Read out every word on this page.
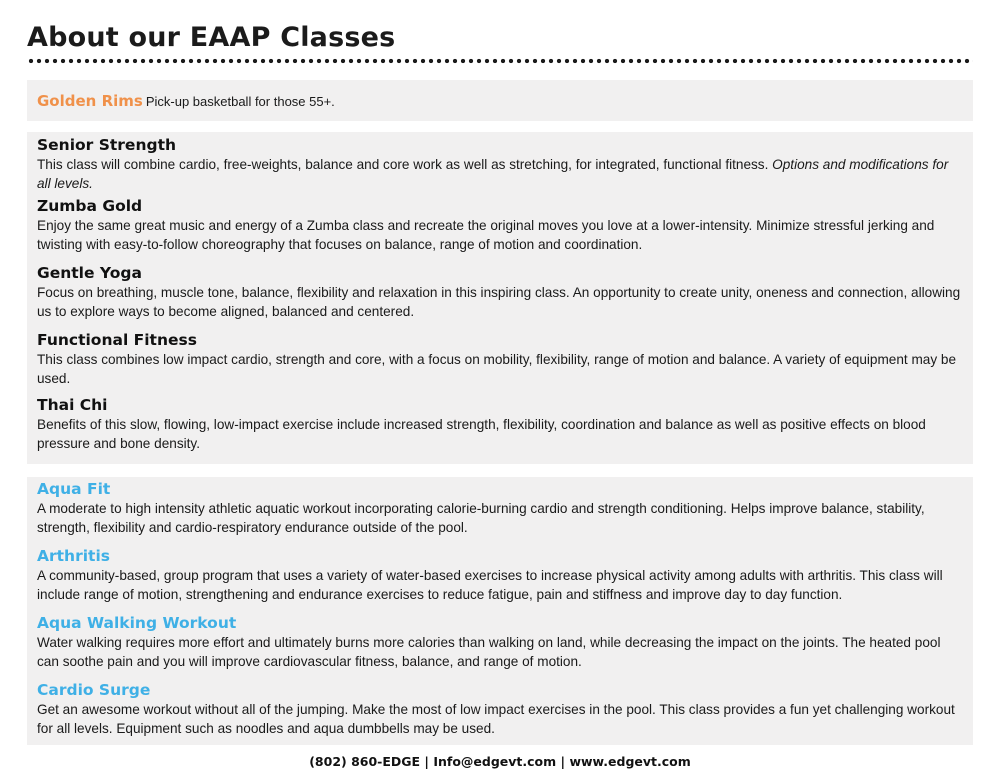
About our EAAP Classes
Golden Rims Pick-up basketball for those 55+.
Senior Strength
This class will combine cardio, free-weights, balance and core work as well as stretching, for integrated, functional fitness. Options and modifications for all levels.
Zumba Gold
Enjoy the same great music and energy of a Zumba class and recreate the original moves you love at a lower-intensity. Minimize stressful jerking and twisting with easy-to-follow choreography that focuses on balance, range of motion and coordination.
Gentle Yoga
Focus on breathing, muscle tone, balance, flexibility and relaxation in this inspiring class. An opportunity to create unity, oneness and connection, allowing us to explore ways to become aligned, balanced and centered.
Functional Fitness
This class combines low impact cardio, strength and core, with a focus on mobility, flexibility, range of motion and balance. A variety of equipment may be used.
Thai Chi
Benefits of this slow, flowing, low-impact exercise include increased strength, flexibility, coordination and balance as well as positive effects on blood pressure and bone density.
Aqua Fit
A moderate to high intensity athletic aquatic workout incorporating calorie-burning cardio and strength conditioning. Helps improve balance, stability, strength, flexibility and cardio-respiratory endurance outside of the pool.
Arthritis
A community-based, group program that uses a variety of water-based exercises to increase physical activity among adults with arthritis. This class will include range of motion, strengthening and endurance exercises to reduce fatigue, pain and stiffness and improve day to day function.
Aqua Walking Workout
Water walking requires more effort and ultimately burns more calories than walking on land, while decreasing the impact on the joints. The heated pool can soothe pain and you will improve cardiovascular fitness, balance, and range of motion.
Cardio Surge
Get an awesome workout without all of the jumping. Make the most of low impact exercises in the pool. This class provides a fun yet challenging workout for all levels. Equipment such as noodles and aqua dumbbells may be used.
(802) 860-EDGE | Info@edgevt.com | www.edgevt.com
